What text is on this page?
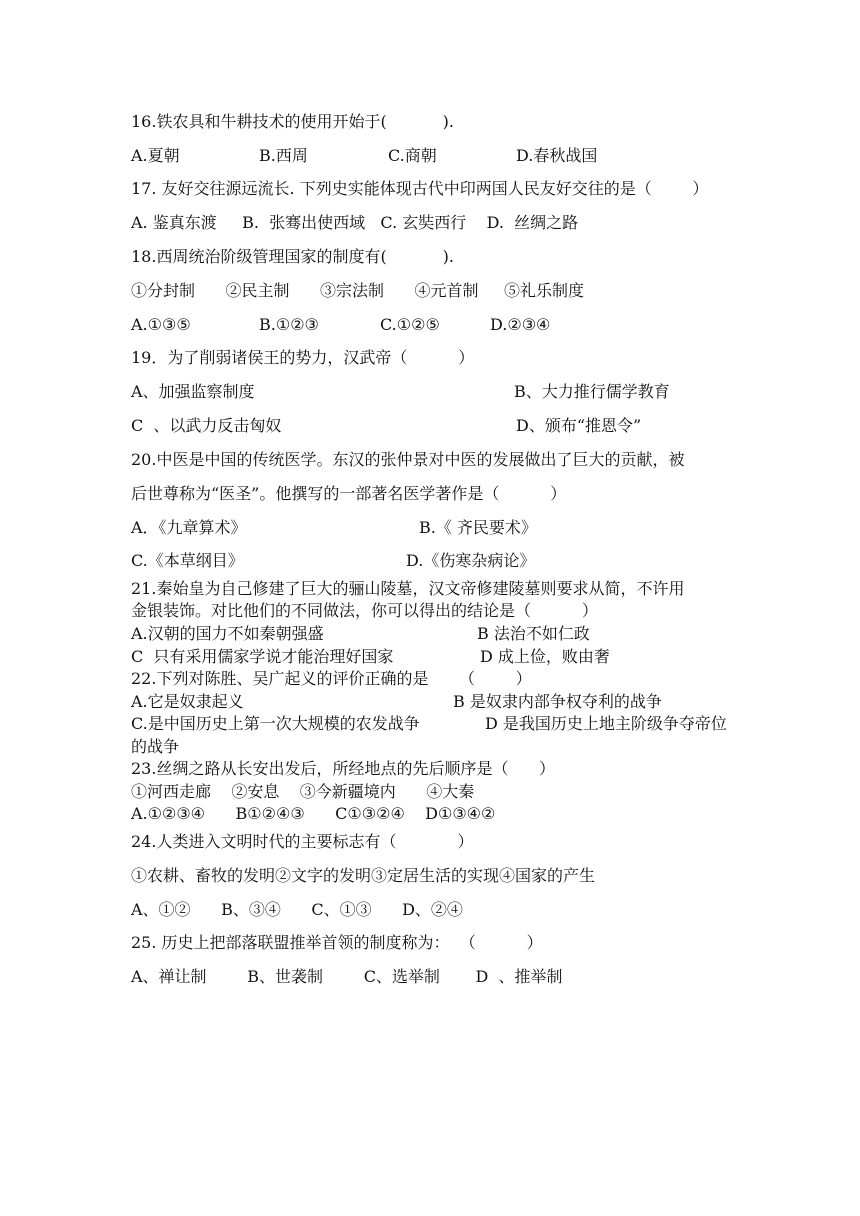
16.铁农具和牛耕技术的使用开始于(           ).
A.夏朝	B.西周	C.商朝	D.春秋战国
17. 友好交往源远流长. 下列史实能体现古代中印两国人民友好交往的是（        ）
A. 鉴真东渡     B.  张骞出使西域   C. 玄奘西行    D.  丝绸之路
18.西周统治阶级管理国家的制度有(           ).
①分封制      ②民主制      ③宗法制      ④元首制     ⑤礼乐制度
A.①③⑤	B.①②③	C.①②⑤	D.②③④
19．为了削弱诸侯王的势力，汉武帝（          ）
A、加强监察制度	B、大力推行儒学教育
C  、以武力反击匈奴	D、颁布“推恩令”
20.中医是中国的传统医学。东汉的张仲景对中医的发展做出了巨大的贡献，被
后世尊称为“医圣”。他撰写的一部著名医学著作是（          ）
A．《九章算术》	B.《 齐民要术》
C.《本草纲目》	D.《伤寒杂病论》
21.秦始皇为自己修建了巨大的骊山陵墓，汉文帝修建陵墓则要求从简，不许用
金银装饰。对比他们的不同做法，你可以得出的结论是（          ）
A.汉朝的国力不如秦朝强盛	B 法治不如仁政
C  只有采用儒家学说才能治理好国家	D 成上俭，败由奢
22.下列对陈胜、吴广起义的评价正确的是      （        ）
A.它是奴隶起义	B 是奴隶内部争权夺利的战争
C.是中国历史上第一次大规模的农发战争	D 是我国历史上地主阶级争夺帝位
的战争
23.丝绸之路从长安出发后，所经地点的先后顺序是（      ）
①河西走廊    ②安息    ③今新疆境内      ④大秦
A.①②③④      B①②④③      C①③②④    D①③④②
24.人类进入文明时代的主要标志有（            ）
①农耕、畜牧的发明②文字的发明③定居生活的实现④国家的产生
A、①②      B、③④      C、①③      D、②④
25. 历史上把部落联盟推举首领的制度称为：  （          ）
A、禅让制        B、世袭制        C、选举制       D  、推举制
